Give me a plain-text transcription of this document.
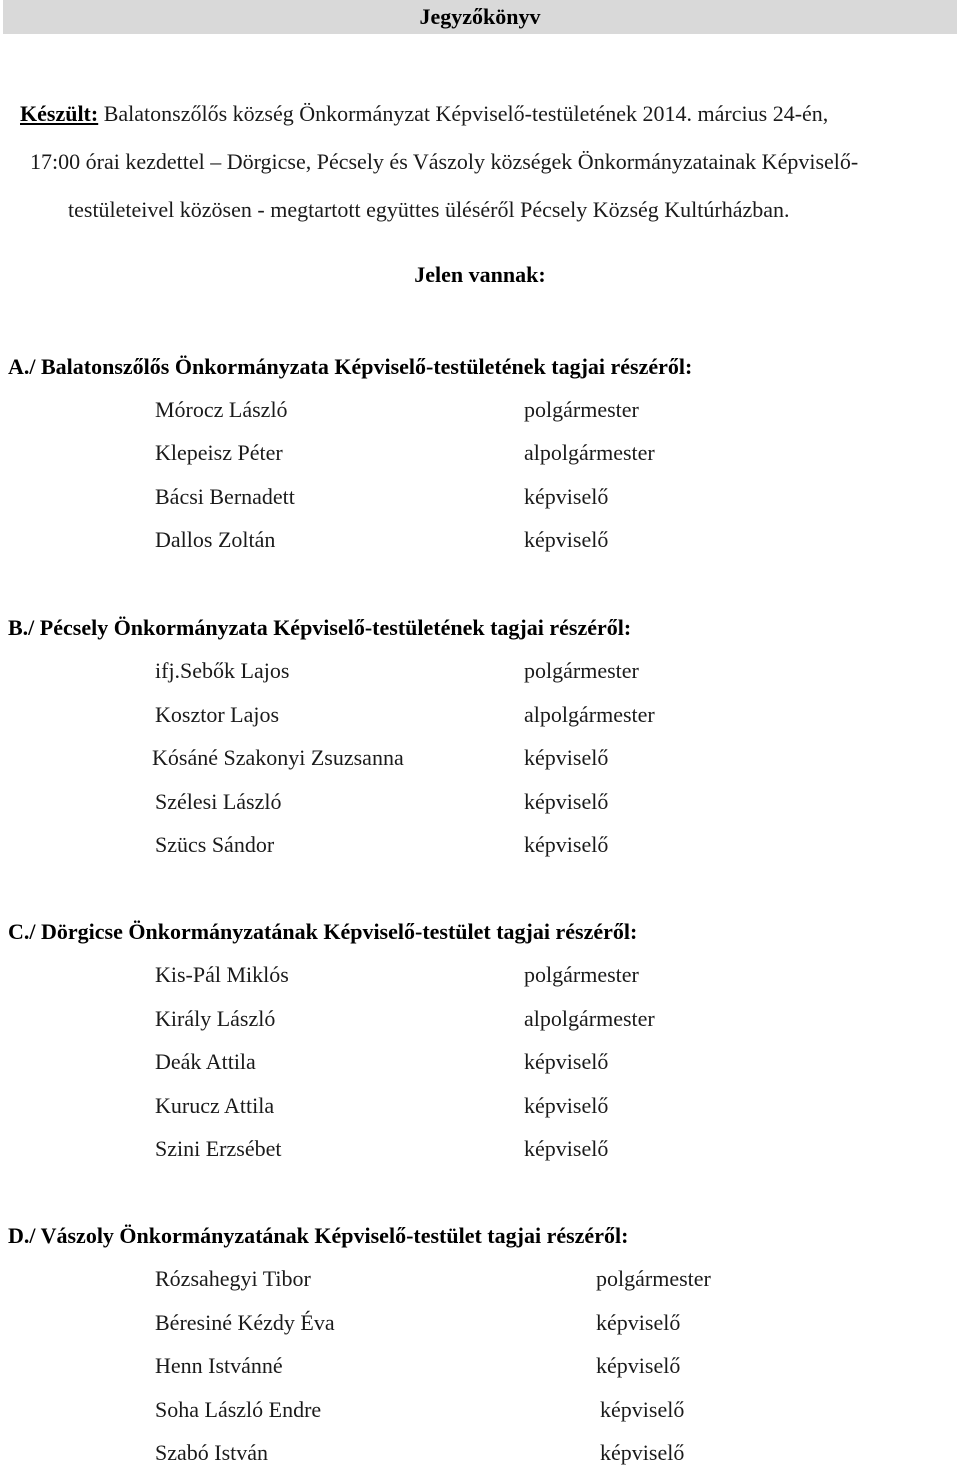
Jegyzőkönyv
Készült: Balatonszőlős község Önkormányzat Képviselő-testületének 2014. március 24-én,
17:00 órai kezdettel – Dörgicse, Pécsely és Vászoly községek Önkormányzatainak Képviselő-
testületeivel közösen - megtartott együttes üléséről Pécsely Község Kultúrházban.
Jelen vannak:
A./ Balatonszőlős Önkormányzata Képviselő-testületének tagjai részéről:
Mórocz László	polgármester
Klepeisz Péter	alpolgármester
Bácsi Bernadett	képviselő
Dallos Zoltán	képviselő
B./ Pécsely Önkormányzata Képviselő-testületének tagjai részéről:
ifj.Sebők Lajos	polgármester
Kosztor Lajos	alpolgármester
Kósáné Szakonyi Zsuzsanna	képviselő
Szélesi László	képviselő
Szücs Sándor	képviselő
C./ Dörgicse Önkormányzatának Képviselő-testület tagjai részéről:
Kis-Pál Miklós	polgármester
Király László	alpolgármester
Deák Attila	képviselő
Kurucz Attila	képviselő
Szini Erzsébet	képviselő
D./ Vászoly Önkormányzatának Képviselő-testület tagjai részéről:
Rózsahegyi Tibor	polgármester
Béresiné Kézdy Éva	képviselő
Henn Istvánné	képviselő
Soha László Endre	képviselő
Szabó István	képviselő
